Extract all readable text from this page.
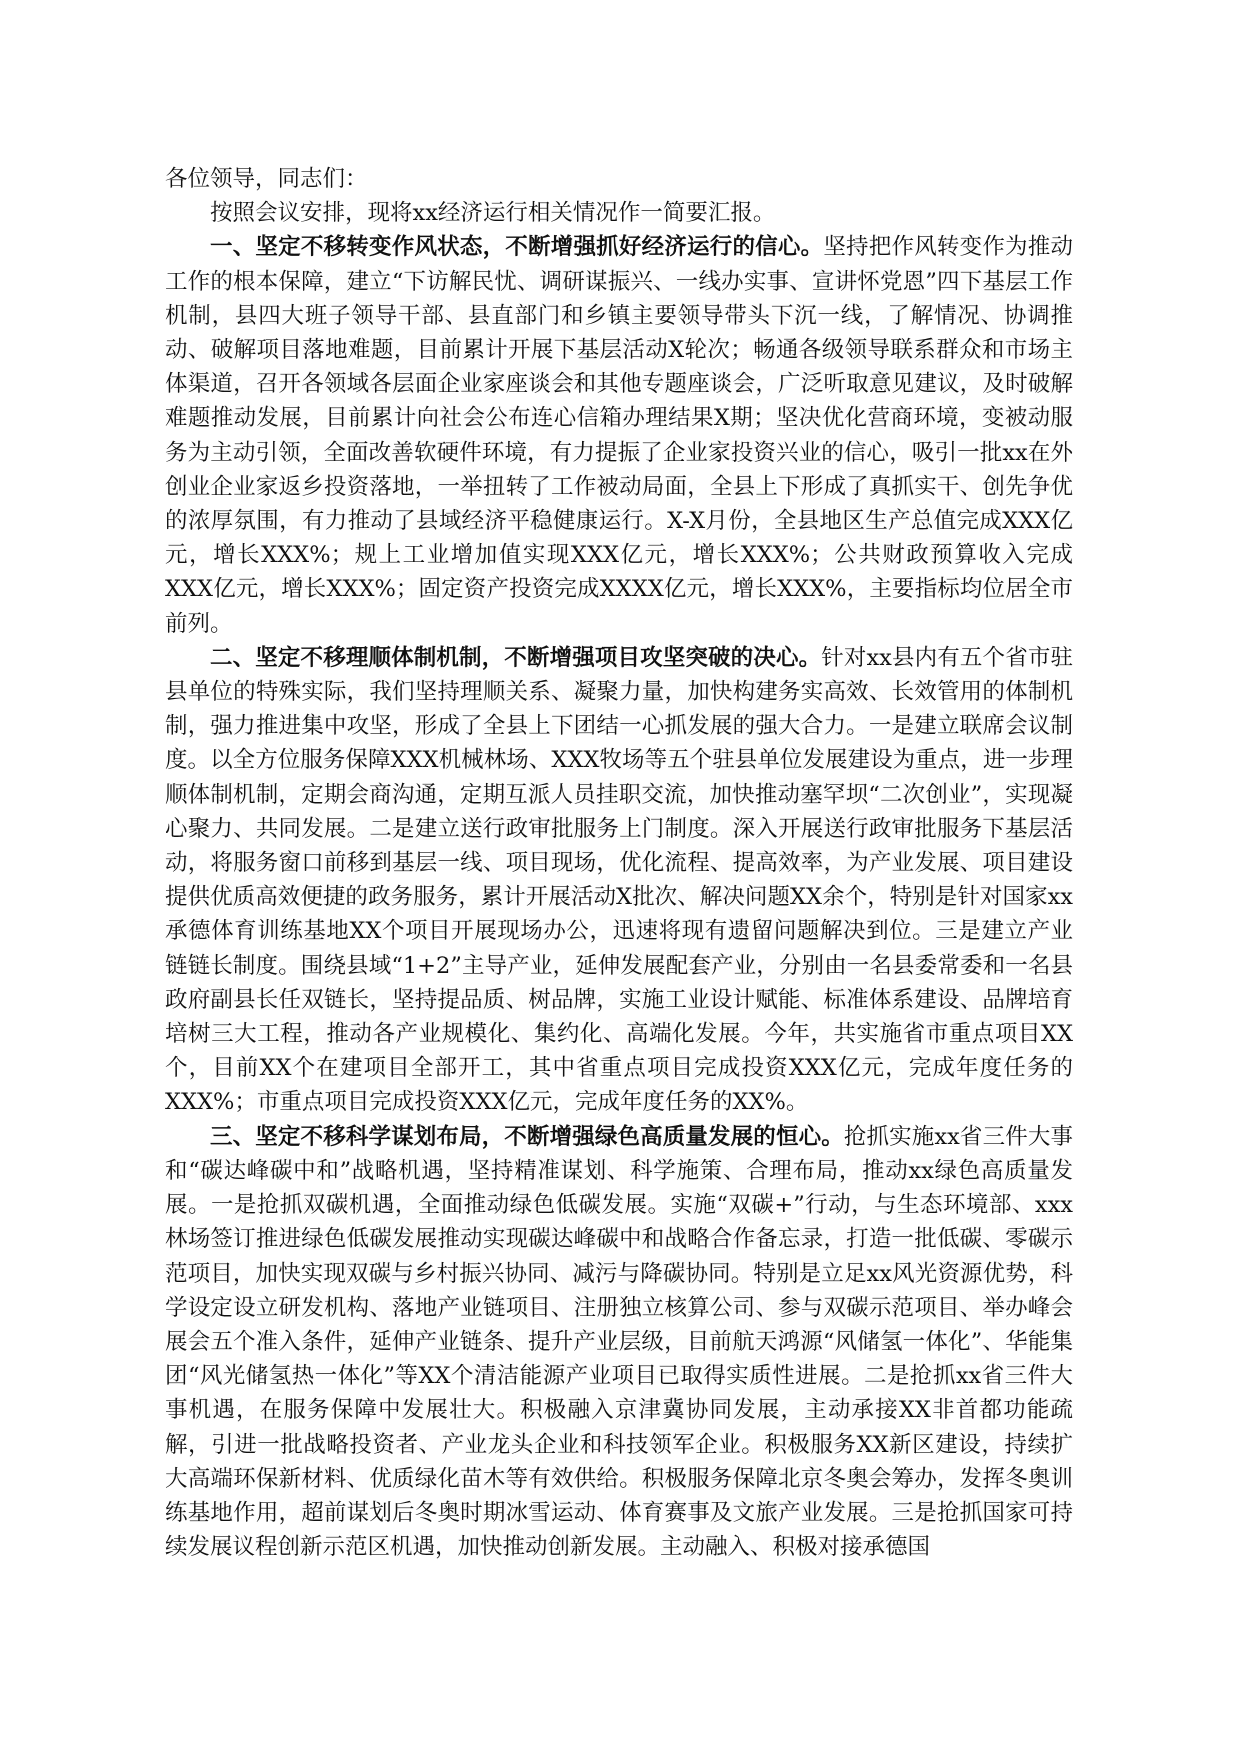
各位领导，同志们：

按照会议安排，现将xx经济运行相关情况作一简要汇报。

一、坚定不移转变作风状态，不断增强抓好经济运行的信心。坚持把作风转变作为推动工作的根本保障，建立“下访解民忧、调研谋振兴、一线办实事、宣讲怀党恩”四下基层工作机制，县四大班子领导干部、县直部门和乡镇主要领导带头下沉一线，了解情况、协调推动、破解项目落地难题，目前累计开展下基层活动X轮次；畅通各级领导联系群众和市场主体渠道，召开各领域各层面企业家座谈会和其他专题座谈会，广泛听取意见建议，及时破解难题推动发展，目前累计向社会公布连心信箱办理结果X期；坚决优化营商环境，变被动服务为主动引领，全面改善软硬件环境，有力提振了企业家投资兴业的信心，吸引一批xx在外创业企业家返乡投资落地，一举扭转了工作被动局面，全县上下形成了真抓实干、创先争优的浓厚氛围，有力推动了县域经济平稳健康运行。X-X月份，全县地区生产总值完成XXX亿元，增长XXX%；规上工业增加值实现XXX亿元，增长XXX%；公共财政预算收入完成XXX亿元，增长XXX%；固定资产投资完成XXXX亿元，增长XXX%，主要指标均位居全市前列。

二、坚定不移理顺体制机制，不断增强项目攻坚突破的决心。针对xx县内有五个省市驻县单位的特殊实际，我们坚持理顺关系、凝聚力量，加快构建务实高效、长效管用的体制机制，强力推进集中攻坚，形成了全县上下团结一心抓发展的强大合力。一是建立联席会议制度。以全方位服务保障XXX机械林场、XXX牧场等五个驻县单位发展建设为重点，进一步理顺体制机制，定期会商沟通，定期互派人员挂职交流，加快推动塞罕坝“二次创业”，实现凝心聚力、共同发展。二是建立送行政审批服务上门制度。深入开展送行政审批服务下基层活动，将服务窗口前移到基层一线、项目现场，优化流程、提高效率，为产业发展、项目建设提供优质高效便捷的政务服务，累计开展活动X批次、解决问题XX余个，特别是针对国家xx承德体育训练基地XX个项目开展现场办公，迅速将现有遗留问题解决到位。三是建立产业链链长制度。围绕县域“1+2”主导产业，延伸发展配套产业，分别由一名县委常委和一名县政府副县长任双链长，坚持提品质、树品牌，实施工业设计赋能、标准体系建设、品牌培育培树三大工程，推动各产业规模化、集约化、高端化发展。今年，共实施省市重点项目XX个，目前XX个在建项目全部开工，其中省重点项目完成投资XXX亿元，完成年度任务的XXX%；市重点项目完成投资XXX亿元，完成年度任务的XX%。

三、坚定不移科学谋划布局，不断增强绿色高质量发展的恒心。抢抓实施xx省三件大事和“碳达峰碳中和”战略机遇，坚持精准谋划、科学施策、合理布局，推动xx绿色高质量发展。一是抢抓双碳机遇，全面推动绿色低碳发展。实施“双碳+”行动，与生态环境部、xxx林场签订推进绿色低碳发展推动实现碳达峰碳中和战略合作备忘录，打造一批低碳、零碳示范项目，加快实现双碳与乡村振兴协同、减污与降碳协同。特别是立足xx风光资源优势，科学设定设立研发机构、落地产业链项目、注册独立核算公司、参与双碳示范项目、举办峰会展会五个准入条件，延伸产业链条、提升产业层级，目前航天鸿源“风储氢一体化”、华能集团“风光储氢热一体化”等XX个清洁能源产业项目已取得实质性进展。二是抢抓xx省三件大事机遇，在服务保障中发展壮大。积极融入京津冀协同发展，主动承接XX非首都功能疏解，引进一批战略投资者、产业龙头企业和科技领军企业。积极服务XX新区建设，持续扩大高端环保新材料、优质绿化苗木等有效供给。积极服务保障北京冬奥会筹办，发挥冬奥训练基地作用，超前谋划后冬奥时期冰雪运动、体育赛事及文旅产业发展。三是抢抓国家可持续发展议程创新示范区机遇，加快推动创新发展。主动融入、积极对接承德国
